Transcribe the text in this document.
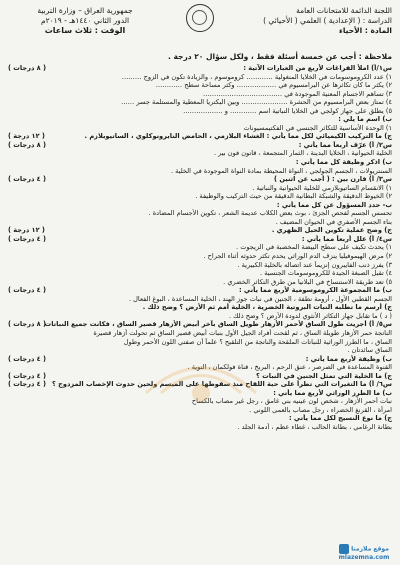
اللجنة الدائمة للامتحانات العامة
الدراسة : ( الإعدادية ) العلمي ( الأحيائي )
المادة : الأحياء
جمهورية العراق – وزارة التربية
الدور الثاني ١٤٤٠هـ - ٢٠١٩م
الوقت : ثلاث ساعات
ملاحظة : أجب عن خمسة أسئلة فقط ، ولكل سؤال ٢٠ درجة .
س١/أ) املأ الفراغات لأربع من العبارات الآتية :
( ٨ درجات )
١) عدد الكروموسومات في الخلايا المنغولية ………… كروموسوم ، والزيادة تكون في الزوج ………
٢) يكثر ما كان تكاثرها عن البرامسيوم في ……………… وكثر مساحة سطح …………
٣) تساهم الاجسام المعنية الموجودة في ………………………………
٤) تمتاز بعض البرامسيوم من الحشرة ………………… وبين البكتريا المعطية والمستلمة جسر ……
٥) يطلق على جهاز كولجي في الخلايا النباتية اسم ………… و ………………
ب) اسم ما يلي :
١) الوحدة الأساسية للتكاثر الجنسي في الفكتيمسيونات
ج) ما التركيب الكيميائي لكل مما يأتي : الغشاء البلازمي ، الحامض النايرونوكلوي ، الساتيوبلازم .
( ١٢ درجة )
س٢/ أ) عرّف أربعاً مما يأتي :
( ٨ درجات )
الخلية الحيوانية ، الخلايا البدينة ، الثمار المتجمعة ، قانون فون بير .
ب) اذكر وظيفة كل مما يأتي :
السنتريولات ، الجسم الجولجي ، النواة المحيطة بمادة النواة الموجودة في الخلية .
س٣/ أ) قارن بين : ( أجب عن اثنين )
( ٤ درجات )
١) الانقسام الساتيوبلازمي للخلية الحيوانية والنباتية .
٢) الخيوط الدقيقة والشبكة البطانية الدقيقة من حيث التركيب والوظيفة .
ب- حدد المسؤول عن كل مما يأتي :
تحسس الجسم لفحص الجزئ ، بوث بعض الكلاب عديمة الشعر ، تكوين الأجسام المضادة .
بناء الجسم الأصفري في الحيوان المضيف .
ج) وضح عملية تكوين الحبل الظهري .
( ١٢ درجة )
س٤/ أ) علل أربعاً مما يأتي :
( ٤ درجات )
١) يحدث تكيف على سطح البيضة المخصبة في الزيجوت .
٢) مرض الهيموفيليا ينزف الدم الوراثي يحدم تكثر حدوثه أثناء الجراح .
٣) يفرز ذنب الفايبرون إنزيماً عند اتصاله بالخلية الكبيرية .
٤) تقبل الصبغة الجيدة للكروموسومات الجنسية .
٥) تعد طريقة الاستنساخ في البلانيا من طرق التكاثر الخضري .
ب) ما المجموعة الكروموسومية لأربع مما يأتي :
( ٤ درجات )
الجسم القطبي الأول ، أرومة نطفة ، الجنين في نبات جوز الهند ، الخلية المساعدة ، البوغ الفعال .
ج) أرسم ما تطلبه النبات البروتية الخضرية ، الخلية أمم ثم الأرض ؟ وضح ذلك .
( د ) ما تقابل جهاز التكاثر الأنثوي لدودة الأرض ؟ وضح ذلك .
س٥/ أ) أجريت طول الساق لأحمر الأزهار طويل الساق بآخر أبيض الأزهار قصير الساق ، فكانت جميع النباتات
( ٨ درجات )
الناتجة حمر الأزهار طويلة الساق ، ثم لقحت أفراد الجيل الأول بنبات أبيض قصير الساق ثم تحولت أزهار قصيرة
الساق ، ما الطرز الوراثية للنباتات الملقحة والناتجة من التلقيح ؟ علماً أن صفتي اللون الأحمر وطول
الساق سائدتان .
ب) وظيفة لأربع مما يأتي :
( ٤ درجات )
القنوة المساعدة في الصرصر ، عنق الرحم ، البربخ ، قناة فولكمان ، النوية .
ج) ما الخلية التي تمثل الجنين في النبات ؟
( ٤ درجات )
س٦/ أ) ما التغيرات التي تطرأ على حبة اللقاح منذ سقوطها على الميسم ولحين حدوث الإخصاب المزدوج ؟
( ٤ درجات )
ب) ما الطرز الوراثي لأربع مما يأتي :
نبات أحمر الأزهار ، شخص لون عينيه بني غامق ، رجل غير مصاب بالكساح
امرأة ، القرنغ الخضراء ، رجل مصاب بالعمى اللوني .
ج) ما نوع النسيج لكل مما يأتي :
بطانة الرغامي ، بطانة الحالب ، غطاء عظم ، أدمة الجلد .
موقع ملازمنا
mlazemna.com
